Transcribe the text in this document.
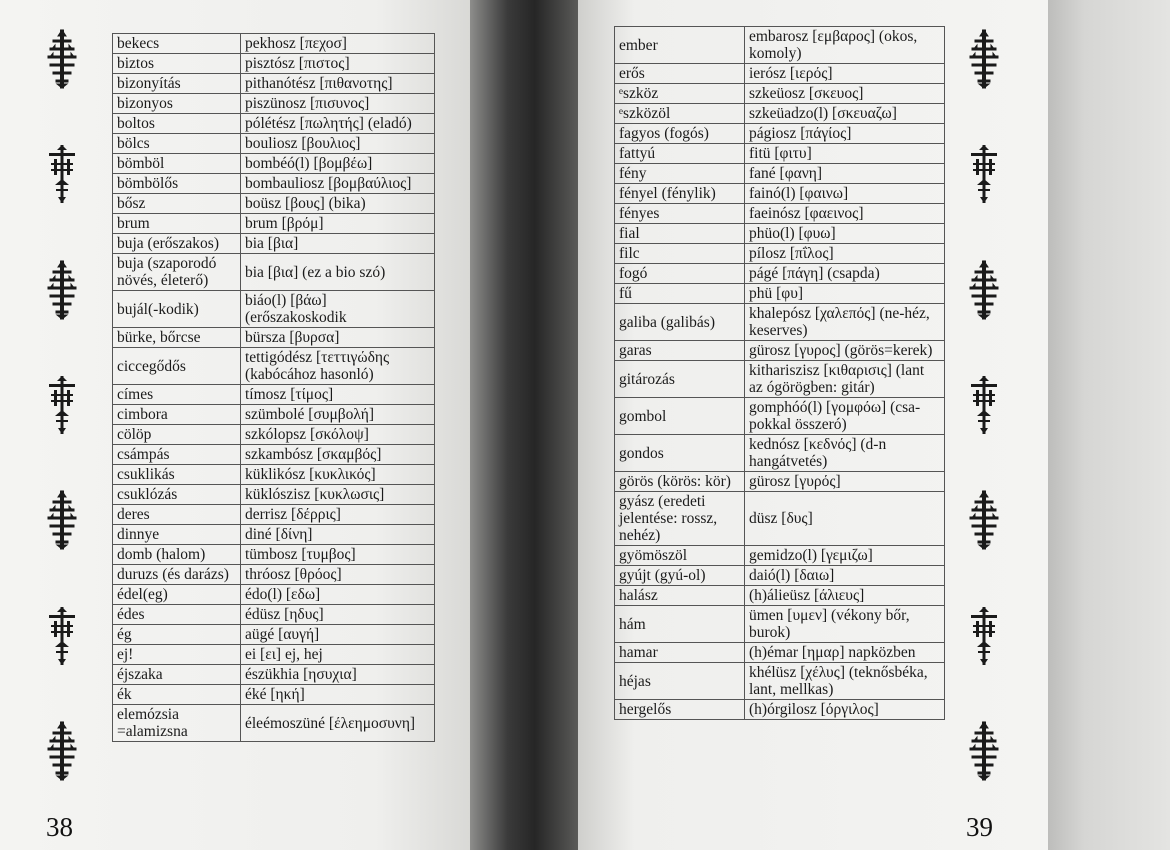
bekecs	pekhosz [πεχοσ]
biztos	pisztósz [πιστος]
bizonyítás	pithanótész [πιθανοτης]
bizonyos	piszünosz [πισυνος]
boltos	pólétész [πωλητής] (eladó)
bölcs	bouliosz [βουλιος]
bömböl	bombéó(l) [βομβέω]
bömbölős	bombauliosz [βομβαύλιος]
bősz	boüsz [βους] (bika)
brum	brum [βρόμ]
buja (erőszakos)	bia [βια]
buja (szaporodó növés, életerő)	bia [βια] (ez a bio szó)
bujál(-kodik)	biáo(l) [βάω] (erőszakoskodik
bürke, bőrcse	bürsza [βυρσα]
ciccegődős	tettigódész [τεττιγώδης (kabócához hasonló)
címes	tímosz [τίμος]
cimbora	szümbolé [συμβολή]
cölöp	szkólopsz [σκόλοψ]
csámpás	szkambósz [σκαμβός]
csuklikás	küklikósz [κυκλικός]
csuklózás	küklószisz [κυκλωσις]
deres	derrisz [δέρρις]
dinnye	diné [δίνη]
domb (halom)	tümbosz [τυμβος]
duruzs (és darázs)	thróosz [θρόος]
édel(eg)	édo(l) [εδω]
édes	édüsz [ηδυς]
ég	aügé [αυγή]
ej!	ei [ει] ej, hej
éjszaka	észükhia [ησυχια]
ék	éké [ηκή]
elemózsia =alamizsna	éleémoszüné [έλεημοσυνη]
ember	embarosz [εμβαρος] (okos, komoly)
erős	ierósz [ιερός]
ᵉszköz	szkeüosz [σκευος]
ᵉszközöl	szkeüadzo(l) [σκευαζω]
fagyos (fogós)	págiosz [πάγίος]
fattyú	fitü [φιτυ]
fény	fané [φανη]
fényel (fénylik)	fainó(l) [φαινω]
fényes	faeinósz [φαεινος]
fial	phüo(l) [φυω]
filc	pílosz [πΐλος]
fogó	págé [πάγη] (csapda)
fű	phü [φυ]
galiba (galibás)	khalepósz [χαλεπός] (ne-héz, keserves)
garas	gürosz [γυρος] (görös=kerek)
gitározás	kithariszisz [κιθαρισις] (lant az ógörögben: gitár)
gombol	gomphóó(l) [γομφόω] (csa-pokkal összeró)
gondos	kednósz [κεδνός] (d-n hangátvetés)
görös (körös: kör)	gürosz [γυρός]
gyász (eredeti jelentése: rossz, nehéz)	düsz [δυς]
gyömöszöl	gemidzo(l) [γεμιζω]
gyújt (gyú-ol)	daió(l) [δαιω]
halász	(h)álieüsz [άλιευς]
hám	ümen [υμεν] (vékony bőr, burok)
hamar	(h)émar [ημαρ] napközben
héjas	khélüsz [χέλυς] (teknősbéka, lant, mellkas)
hergelős	(h)órgilosz [όργιλος]
38	39
